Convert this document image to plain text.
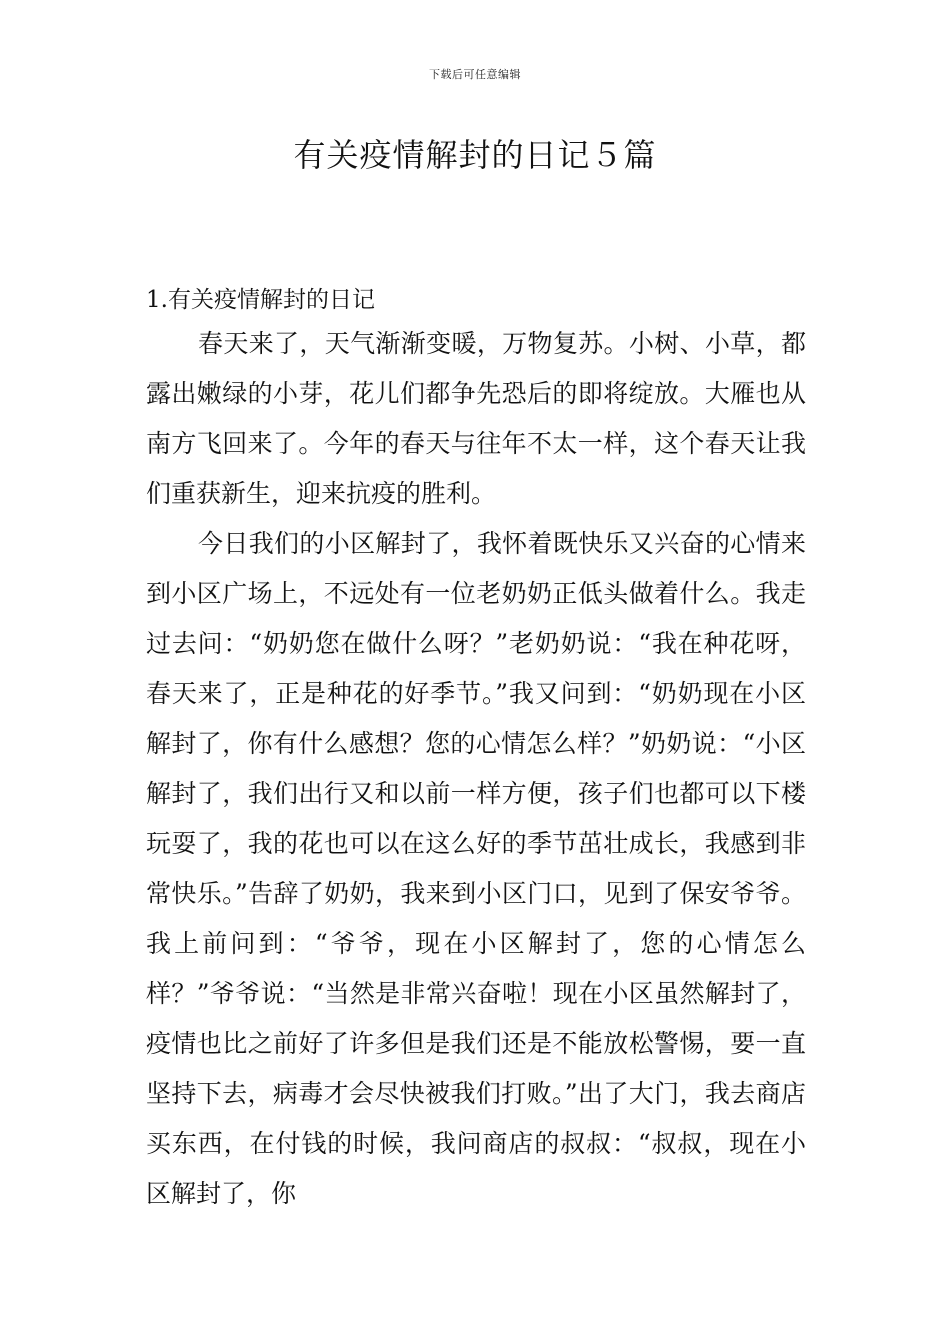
下载后可任意编辑
有关疫情解封的日记５篇

1.有关疫情解封的日记

春天来了，天气渐渐变暖，万物复苏。小树、小草，都露出嫩绿的小芽，花儿们都争先恐后的即将绽放。大雁也从南方飞回来了。今年的春天与往年不太一样，这个春天让我们重获新生，迎来抗疫的胜利。

今日我们的小区解封了，我怀着既快乐又兴奋的心情来到小区广场上，不远处有一位老奶奶正低头做着什么。我走过去问：“奶奶您在做什么呀？”老奶奶说：“我在种花呀，春天来了，正是种花的好季节。”我又问到：“奶奶现在小区解封了，你有什么感想？您的心情怎么样？”奶奶说：“小区解封了，我们出行又和以前一样方便，孩子们也都可以下楼玩耍了，我的花也可以在这么好的季节茁壮成长，我感到非常快乐。”告辞了奶奶，我来到小区门口，见到了保安爷爷。我上前问到：“爷爷，现在小区解封了，您的心情怎么样？”爷爷说：“当然是非常兴奋啦！现在小区虽然解封了，疫情也比之前好了许多但是我们还是不能放松警惕，要一直坚持下去，病毒才会尽快被我们打败。”出了大门，我去商店买东西，在付钱的时候，我问商店的叔叔：“叔叔，现在小区解封了，你
